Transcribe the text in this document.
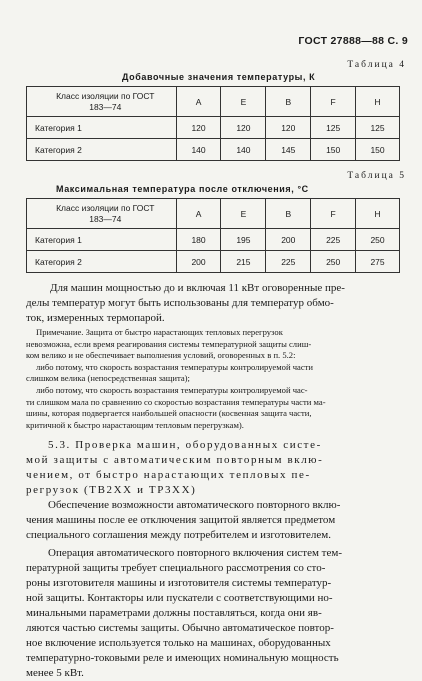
ГОСТ 27888—88 С. 9
Таблица 4
Добавочные значения температуры, К
Класс изоляции по ГОСТ
183—74	A	E	B	F	H
Категория 1	120	120	120	125	125
Категория 2	140	140	145	150	150
Таблица 5
Максимальная температура после отключения, °С
Класс изоляции по ГОСТ
183—74	A	E	B	F	H
Категория 1	180	195	200	225	250
Категория 2	200	215	225	250	275
Для машин мощностью до и включая 11 кВт оговоренные пре-
делы температур могут быть использованы для температур обмо-
ток, измеренных термопарой.
Примечание. Защита от быстро нарастающих тепловых перегрузок
невозможна, если время реагирования системы температурной защиты слиш-
ком велико и не обеспечивает выполнения условий, оговоренных в п. 5.2:
либо потому, что скорость возрастания температуры контролируемой части
слишком велика (непосредственная защита);
либо потому, что скорость возрастания температуры контролируемой час-
ти слишком мала по сравнению со скоростью возрастания температуры части ма-
шины, которая подвергается наибольшей опасности (косвенная защита части,
критичной к быстро нарастающим тепловым перегрузкам).
5.3. Проверка машин, оборудованных систе-
мой защиты с автоматическим повторным вклю-
чением, от быстро нарастающих тепловых пе-
регрузок (ТВ2ХХ и ТР3ХХ)
Обеспечение возможности автоматического повторного вклю-
чения машины после ее отключения защитой является предметом
специального соглашения между потребителем и изготовителем.
Операция автоматического повторного включения систем тем-
пературной защиты требует специального рассмотрения со сто-
роны изготовителя машины и изготовителя системы температур-
ной защиты. Контакторы или пускатели с соответствующими но-
минальными параметрами должны поставляться, когда они яв-
ляются частью системы защиты. Обычно автоматическое повтор-
ное включение используется только на машинах, оборудованных
температурно-токовыми реле и имеющих номинальную мощность
менее 5 кВт.
